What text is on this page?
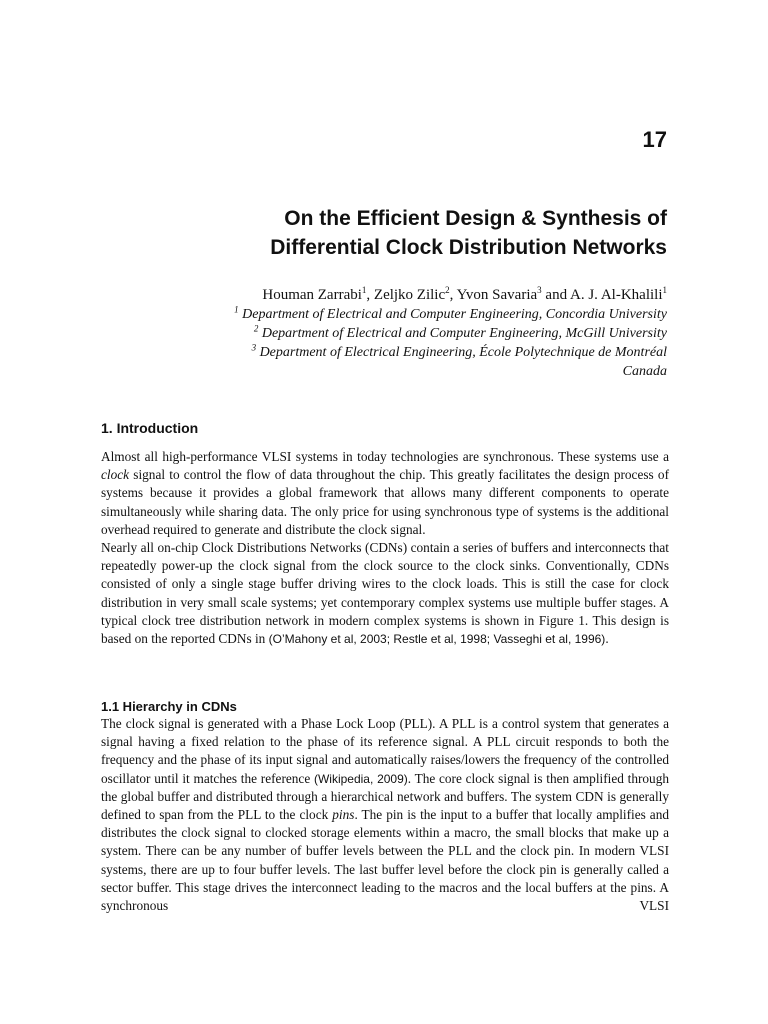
17
On the Efficient Design & Synthesis of
Differential Clock Distribution Networks

Houman Zarrabi$^1$, Zeljko Zilic$^2$, Yvon Savaria$^3$ and A. J. Al-Khalili$^1$

$^1$ Department of Electrical and Computer Engineering, Concordia University
$^2$ Department of Electrical and Computer Engineering, McGill University
$^3$ Department of Electrical Engineering, École Polytechnique de Montréal
Canada
1. Introduction

Almost all high-performance VLSI systems in today technologies are synchronous. These systems use a clock signal to control the flow of data throughout the chip. This greatly facilitates the design process of systems because it provides a global framework that allows many different components to operate simultaneously while sharing data. The only price for using synchronous type of systems is the additional overhead required to generate and distribute the clock signal.

Nearly all on-chip Clock Distributions Networks (CDNs) contain a series of buffers and interconnects that repeatedly power-up the clock signal from the clock source to the clock sinks. Conventionally, CDNs consisted of only a single stage buffer driving wires to the clock loads. This is still the case for clock distribution in very small scale systems; yet contemporary complex systems use multiple buffer stages. A typical clock tree distribution network in modern complex systems is shown in Figure 1. This design is based on the reported CDNs in (O’Mahony et al, 2003; Restle et al, 1998; Vasseghi et al, 1996).

1.1 Hierarchy in CDNs

The clock signal is generated with a Phase Lock Loop (PLL). A PLL is a control system that generates a signal having a fixed relation to the phase of its reference signal. A PLL circuit responds to both the frequency and the phase of its input signal and automatically raises/lowers the frequency of the controlled oscillator until it matches the reference (Wikipedia, 2009). The core clock signal is then amplified through the global buffer and distributed through a hierarchical network and buffers. The system CDN is generally defined to span from the PLL to the clock pins. The pin is the input to a buffer that locally amplifies and distributes the clock signal to clocked storage elements within a macro, the small blocks that make up a system. There can be any number of buffer levels between the PLL and the clock pin. In modern VLSI systems, there are up to four buffer levels. The last buffer level before the clock pin is generally called a sector buffer. This stage drives the interconnect leading to the macros and the local buffers at the pins. A synchronous VLSI
